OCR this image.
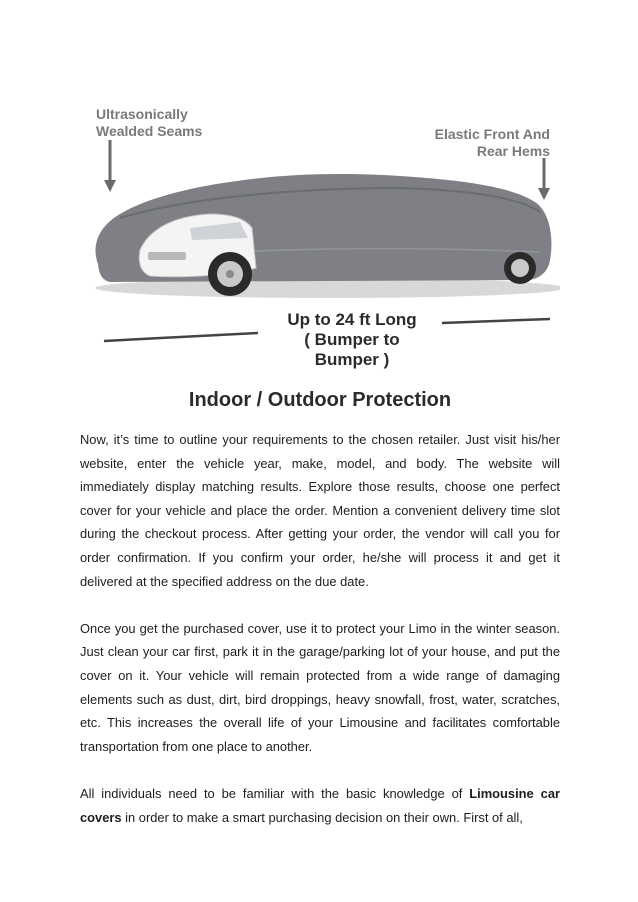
Ultrasonically
Wealded Seams	Elastic Front And
Rear Hems
Up to 24 ft Long
( Bumper to Bumper )
Indoor / Outdoor Protection

Now, it’s time to outline your requirements to the chosen retailer. Just visit his/her website, enter the vehicle year, make, model, and body. The website will immediately display matching results. Explore those results, choose one perfect cover for your vehicle and place the order. Mention a convenient delivery time slot during the checkout process. After getting your order, the vendor will call you for order confirmation. If you confirm your order, he/she will process it and get it delivered at the specified address on the due date.

Once you get the purchased cover, use it to protect your Limo in the winter season. Just clean your car first, park it in the garage/parking lot of your house, and put the cover on it. Your vehicle will remain protected from a wide range of damaging elements such as dust, dirt, bird droppings, heavy snowfall, frost, water, scratches, etc. This increases the overall life of your Limousine and facilitates comfortable transportation from one place to another.

All individuals need to be familiar with the basic knowledge of Limousine car covers in order to make a smart purchasing decision on their own. First of all,
